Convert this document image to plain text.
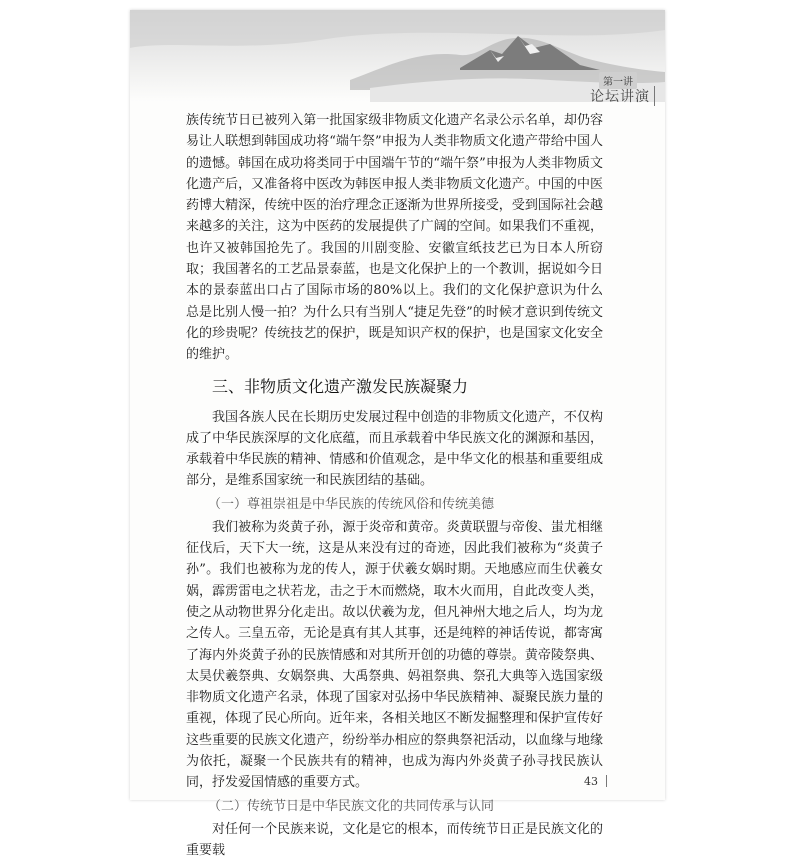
第一讲
论坛讲演

族传统节日已被列入第一批国家级非物质文化遗产名录公示名单，却仍容易让人联想到韩国成功将“端午祭”申报为人类非物质文化遗产带给中国人的遗憾。韩国在成功将类同于中国端午节的“端午祭”申报为人类非物质文化遗产后，又准备将中医改为韩医申报人类非物质文化遗产。中国的中医药博大精深，传统中医的治疗理念正逐渐为世界所接受，受到国际社会越来越多的关注，这为中医药的发展提供了广阔的空间。如果我们不重视，也许又被韩国抢先了。我国的川剧变脸、安徽宣纸技艺已为日本人所窃取；我国著名的工艺品景泰蓝，也是文化保护上的一个教训，据说如今日本的景泰蓝出口占了国际市场的80%以上。我们的文化保护意识为什么总是比别人慢一拍？为什么只有当别人“捷足先登”的时候才意识到传统文化的珍贵呢？传统技艺的保护，既是知识产权的保护，也是国家文化安全的维护。

三、非物质文化遗产激发民族凝聚力

我国各族人民在长期历史发展过程中创造的非物质文化遗产，不仅构成了中华民族深厚的文化底蕴，而且承载着中华民族文化的渊源和基因，承载着中华民族的精神、情感和价值观念，是中华文化的根基和重要组成部分，是维系国家统一和民族团结的基础。

（一）尊祖崇祖是中华民族的传统风俗和传统美德

我们被称为炎黄子孙，源于炎帝和黄帝。炎黄联盟与帝俊、蚩尤相继征伐后，天下大一统，这是从来没有过的奇迹，因此我们被称为“炎黄子孙”。我们也被称为龙的传人，源于伏羲女娲时期。天地感应而生伏羲女娲，霹雳雷电之状若龙，击之于木而燃烧，取木火而用，自此改变人类，使之从动物世界分化走出。故以伏羲为龙，但凡神州大地之后人，均为龙之传人。三皇五帝，无论是真有其人其事，还是纯粹的神话传说，都寄寓了海内外炎黄子孙的民族情感和对其所开创的功德的尊崇。黄帝陵祭典、太昊伏羲祭典、女娲祭典、大禹祭典、妈祖祭典、祭孔大典等入选国家级非物质文化遗产名录，体现了国家对弘扬中华民族精神、凝聚民族力量的重视，体现了民心所向。近年来，各相关地区不断发掘整理和保护宣传好这些重要的民族文化遗产，纷纷举办相应的祭典祭祀活动，以血缘与地缘为依托，凝聚一个民族共有的精神，也成为海内外炎黄子孙寻找民族认同，抒发爱国情感的重要方式。

（二）传统节日是中华民族文化的共同传承与认同

对任何一个民族来说，文化是它的根本，而传统节日正是民族文化的重要载

43
